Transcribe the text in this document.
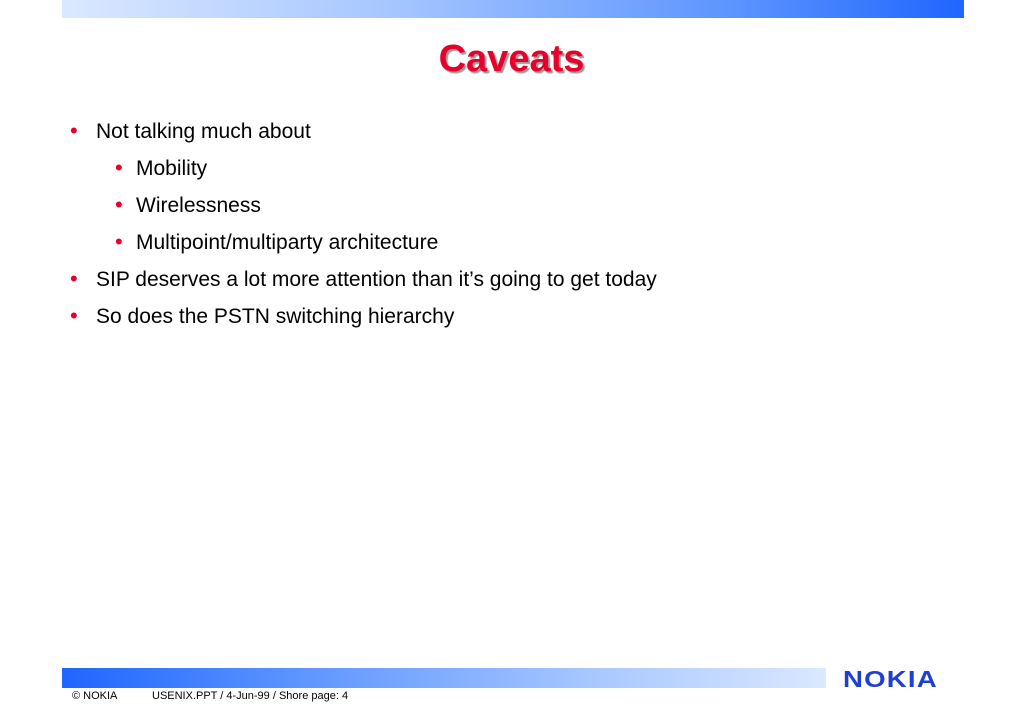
Caveats
• Not talking much about
• Mobility
• Wirelessness
• Multipoint/multiparty architecture
• SIP deserves a lot more attention than it’s going to get today
• So does the PSTN switching hierarchy
NOKIA
© NOKIA	USENIX.PPT / 4-Jun-99 / Shore page: 4
